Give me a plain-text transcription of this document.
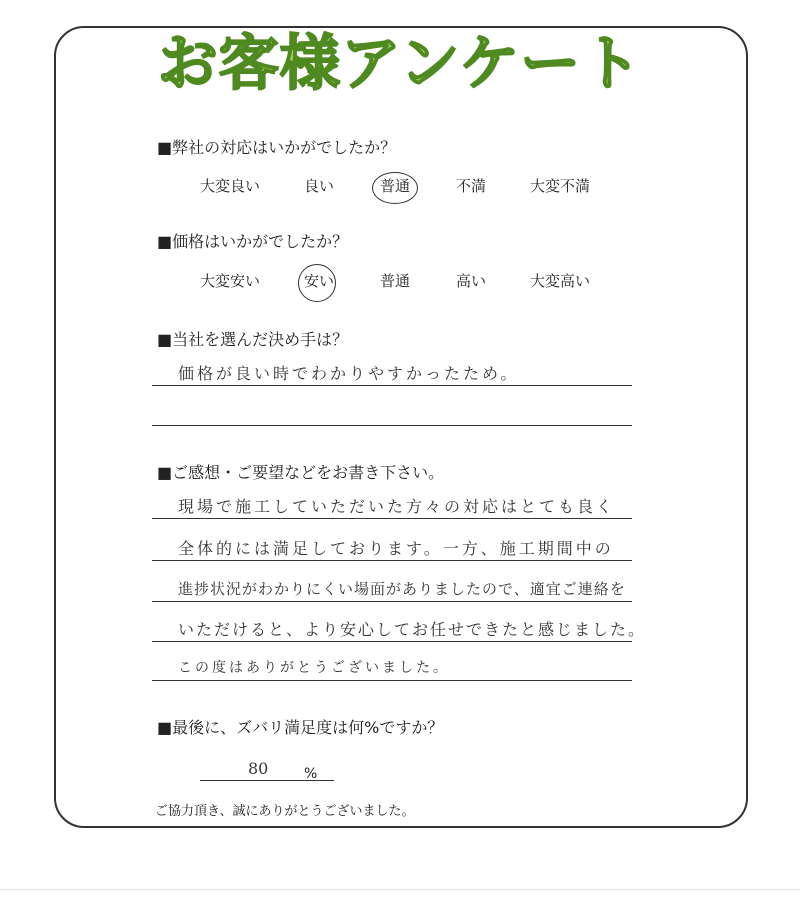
お客様アンケート
■弊社の対応はいかがでしたか？
大変良い	良い	普通	不満	大変不満
■価格はいかがでしたか？
大変安い	安い	普通	高い	大変高い
■当社を選んだ決め手は？
価格が良い時でわかりやすかったため。
■ご感想・ご要望などをお書き下さい。
現場で施工していただいた方々の対応はとても良く
全体的には満足しております。一方、施工期間中の
進捗状況がわかりにくい場面がありましたので、適宜ご連絡を
いただけると、より安心してお任せできたと感じました。
この度はありがとうございました。
■最後に、ズバリ満足度は何%ですか？
80	%
ご協力頂き、誠にありがとうございました。
